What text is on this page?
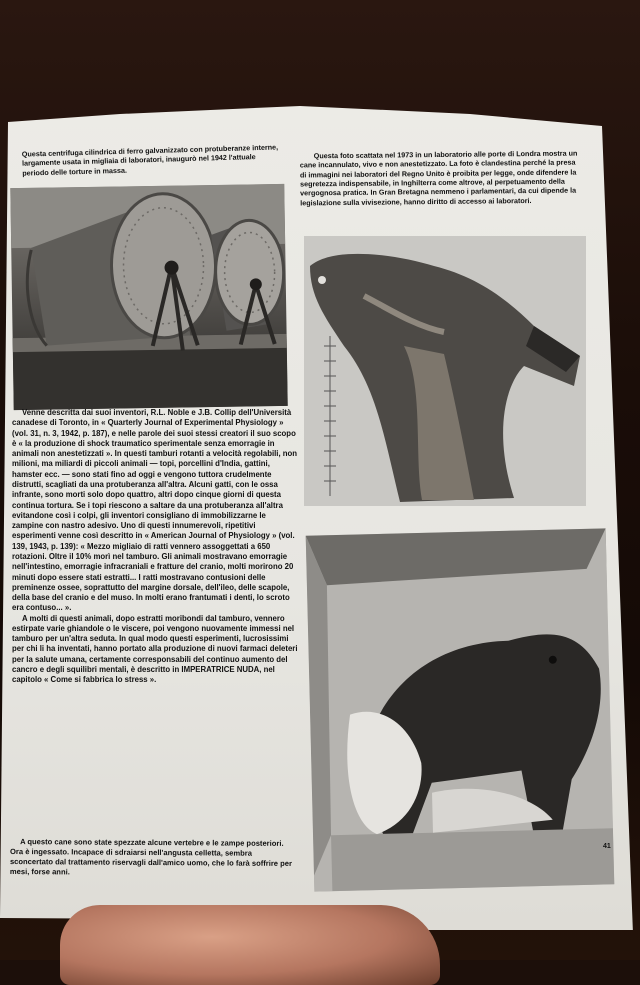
Questa centrifuga cilindrica di ferro galvanizzato con protuberanze interne, largamente usata in migliaia di laboratori, inaugurò nel 1942 l'attuale periodo delle torture in massa.

Questa foto scattata nel 1973 in un laboratorio alle porte di Londra mostra un cane incannulato, vivo e non anestetizzato. La foto è clandestina perché la presa di immagini nei laboratori del Regno Unito è proibita per legge, onde difendere la segretezza indispensabile, in Inghilterra come altrove, al perpetuamento della vergognosa pratica. In Gran Bretagna nemmeno i parlamentari, da cui dipende la legislazione sulla vivisezione, hanno diritto di accesso ai laboratori.

Venne descritta dai suoi inventori, R.L. Noble e J.B. Collip dell'Università canadese di Toronto, in « Quarterly Journal of Experimental Physiology » (vol. 31, n. 3, 1942, p. 187), e nelle parole dei suoi stessi creatori il suo scopo è « la produzione di shock traumatico sperimentale senza emorragie in animali non anestetizzati ». In questi tamburi rotanti a velocità regolabili, non milioni, ma miliardi di piccoli animali — topi, porcellini d'India, gattini, hamster ecc. — sono stati fino ad oggi e vengono tuttora crudelmente distrutti, scagliati da una protuberanza all'altra. Alcuni gatti, con le ossa infrante, sono morti solo dopo quattro, altri dopo cinque giorni di questa continua tortura. Se i topi riescono a saltare da una protuberanza all'altra evitandone così i colpi, gli inventori consigliano di immobilizzarne le zampine con nastro adesivo. Uno di questi innumerevoli, ripetitivi esperimenti venne così descritto in « American Journal of Physiology » (vol. 139, 1943, p. 139): « Mezzo migliaio di ratti vennero assoggettati a 650 rotazioni. Oltre il 10% morì nel tamburo. Gli animali mostravano emorragie nell'intestino, emorragie infracraniali e fratture del cranio, molti morirono 20 minuti dopo essere stati estratti... I ratti mostravano contusioni delle preminenze ossee, soprattutto del margine dorsale, dell'ileo, delle scapole, della base del cranio e del muso. In molti erano frantumati i denti, lo scroto era contuso... ».

A molti di questi animali, dopo estratti moribondi dal tamburo, vennero estirpate varie ghiandole o le viscere, poi vengono nuovamente immessi nel tamburo per un'altra seduta. In qual modo questi esperimenti, lucrosissimi per chi li ha inventati, hanno portato alla produzione di nuovi farmaci deleteri per la salute umana, certamente corresponsabili del continuo aumento del cancro e degli squilibri mentali, è descritto in IMPERATRICE NUDA, nel capitolo « Come si fabbrica lo stress ».

A questo cane sono state spezzate alcune vertebre e le zampe posteriori. Ora è ingessato. Incapace di sdraiarsi nell'angusta celletta, sembra sconcertato dal trattamento riservagli dall'amico uomo, che lo farà soffrire per mesi, forse anni.

41
